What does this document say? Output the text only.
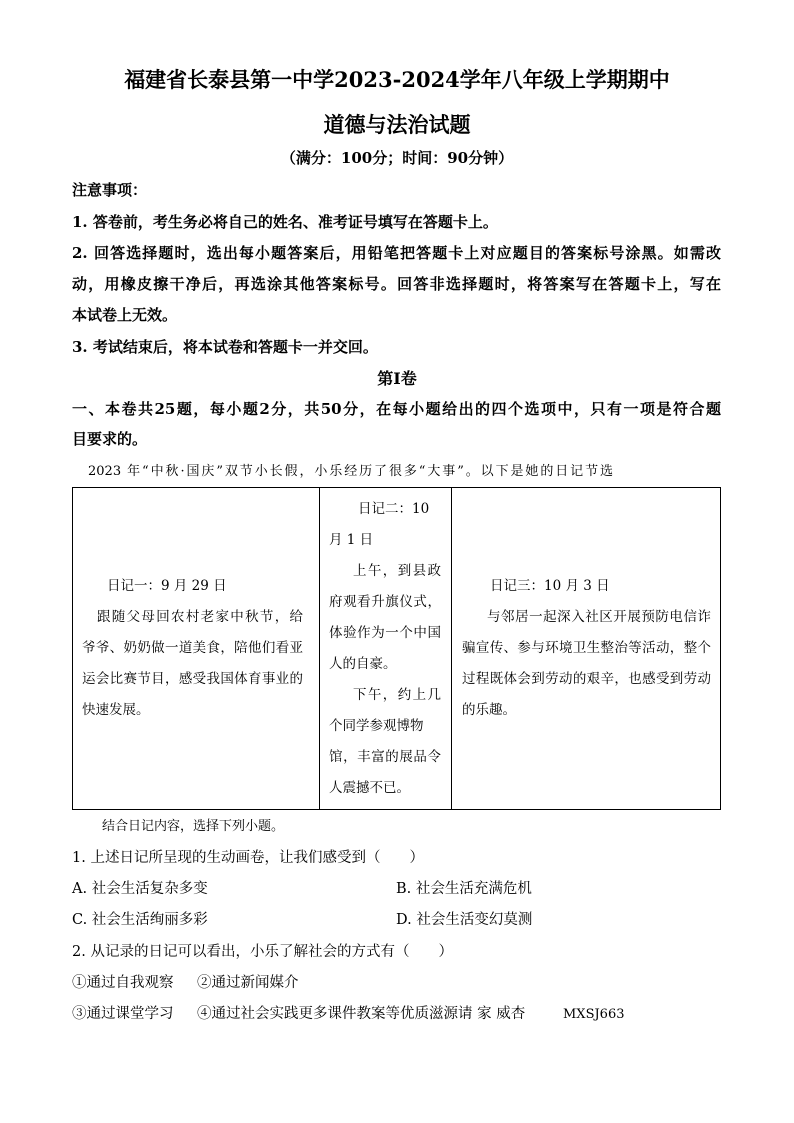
福建省长泰县第一中学2023-2024学年八年级上学期期中
道德与法治试题
（满分：100分；时间：90分钟）
注意事项：
1. 答卷前，考生务必将自己的姓名、准考证号填写在答题卡上。
2. 回答选择题时，选出每小题答案后，用铅笔把答题卡上对应题目的答案标号涂黑。如需改
动，用橡皮擦干净后，再选涂其他答案标号。回答非选择题时，将答案写在答题卡上，写在
本试卷上无效。
3. 考试结束后，将本试卷和答题卡一并交回。
第I卷
一、本卷共25题，每小题2分，共50分，在每小题给出的四个选项中，只有一项是符合题
目要求的。
2023 年“中秋·国庆”双节小长假，小乐经历了很多“大事”。以下是她的日记节选
日记一：9 月 29 日
跟随父母回农村老家中秋节，给
爷爷、奶奶做一道美食，陪他们看亚
运会比赛节目，感受我国体育事业的
快速发展。
日记二：10
月 1 日
上午，到县政
府观看升旗仪式，
体验作为一个中国
人的自豪。
下午，约上几
个同学参观博物
馆，丰富的展品令
人震撼不已。
日记三：10 月 3 日
与邻居一起深入社区开展预防电信诈
骗宣传、参与环境卫生整治等活动，整个
过程既体会到劳动的艰辛，也感受到劳动
的乐趣。
结合日记内容，选择下列小题。
1. 上述日记所呈现的生动画卷，让我们感受到（　　）
A. 社会生活复杂多变	B. 社会生活充满危机
C. 社会生活绚丽多彩	D. 社会生活变幻莫测
2. 从记录的日记可以看出，小乐了解社会的方式有（　　）
①通过自我观察 ②通过新闻媒介
③通过课堂学习 ④通过社会实践更多课件教案等优质滋源请 家 威杏	MXSJ663
